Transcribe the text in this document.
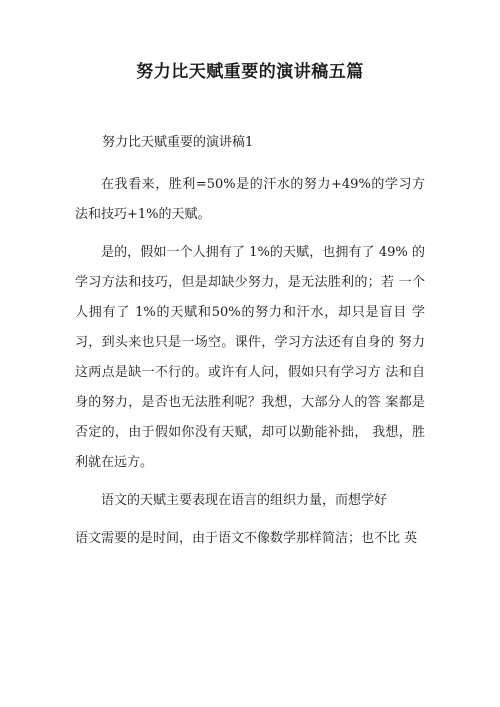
努力比天赋重要的演讲稿五篇
努力比天赋重要的演讲稿1

在我看来，胜利=50%是的汗水的努力+49%的学习方 法和技巧+1%的天赋。

是的，假如一个人拥有了 1%的天赋，也拥有了 49% 的学习方法和技巧，但是却缺少努力，是无法胜利的；若 一个人拥有了 1%的天赋和50%的努力和汗水，却只是盲目 学习，到头来也只是一场空。课件，学习方法还有自身的 努力这两点是缺一不行的。或许有人问，假如只有学习方 法和自身的努力，是否也无法胜利呢？我想，大部分人的答 案都是否定的，由于假如你没有天赋，却可以勤能补拙， 我想，胜利就在远方。

语文的天赋主要表现在语言的组织力量，而想学好

语文需要的是时间，由于语文不像数学那样简洁；也不比 英
